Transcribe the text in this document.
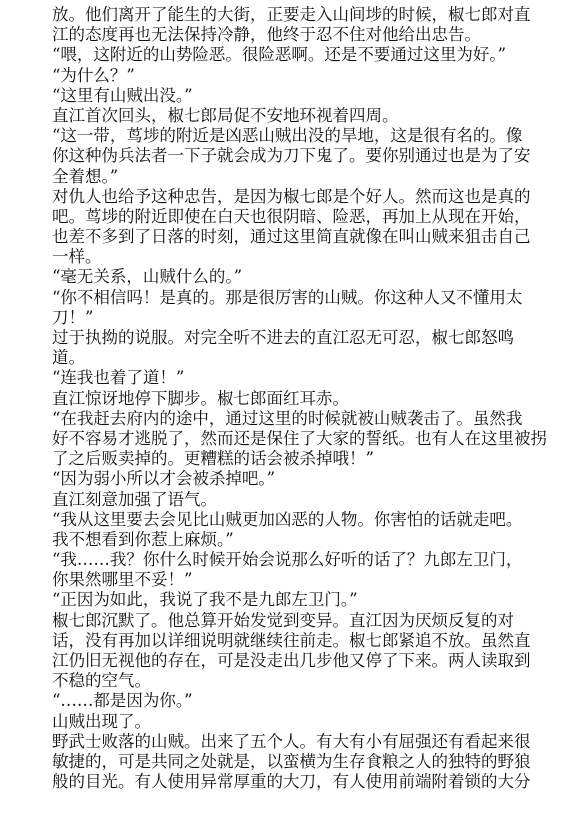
放。他们离开了能生的大街，正要走入山间埗的时候，椒七郎对直
江的态度再也无法保持冷静，他终于忍不住对他给出忠告。
“喂，这附近的山势险恶。很险恶啊。还是不要通过这里为好。”
“为什么？”
“这里有山贼出没。”
直江首次回头，椒七郎局促不安地环视着四周。
“这一带，茑埗的附近是凶恶山贼出没的旱地，这是很有名的。像
你这种伪兵法者一下子就会成为刀下鬼了。要你别通过也是为了安
全着想。”
对仇人也给予这种忠告，是因为椒七郎是个好人。然而这也是真的
吧。茑埗的附近即使在白天也很阴暗、险恶，再加上从现在开始，
也差不多到了日落的时刻，通过这里简直就像在叫山贼来狙击自己
一样。
“毫无关系，山贼什么的。”
“你不相信吗！是真的。那是很厉害的山贼。你这种人又不懂用太
刀！”
过于执拗的说服。对完全听不进去的直江忍无可忍，椒七郎怒鸣
道。
“连我也着了道！”
直江惊讶地停下脚步。椒七郎面红耳赤。
“在我赶去府内的途中，通过这里的时候就被山贼袭击了。虽然我
好不容易才逃脱了，然而还是保住了大家的誓纸。也有人在这里被拐
了之后贩卖掉的。更糟糕的话会被杀掉哦！”
“因为弱小所以才会被杀掉吧。”
直江刻意加强了语气。
“我从这里要去会见比山贼更加凶恶的人物。你害怕的话就走吧。
我不想看到你惹上麻烦。”
“我……我？你什么时候开始会说那么好听的话了？九郎左卫门，
你果然哪里不妥！”
“正因为如此，我说了我不是九郎左卫门。”
椒七郎沉默了。他总算开始发觉到变异。直江因为厌烦反复的对
话，没有再加以详细说明就继续往前走。椒七郎紧追不放。虽然直
江仍旧无视他的存在，可是没走出几步他又停了下来。两人读取到
不稳的空气。
“……都是因为你。”
山贼出现了。
野武士败落的山贼。出来了五个人。有大有小有屈强还有看起来很
敏捷的，可是共同之处就是，以蛮横为生存食粮之人的独特的野狼
般的目光。有人使用异常厚重的大刀，有人使用前端附着锁的大分
